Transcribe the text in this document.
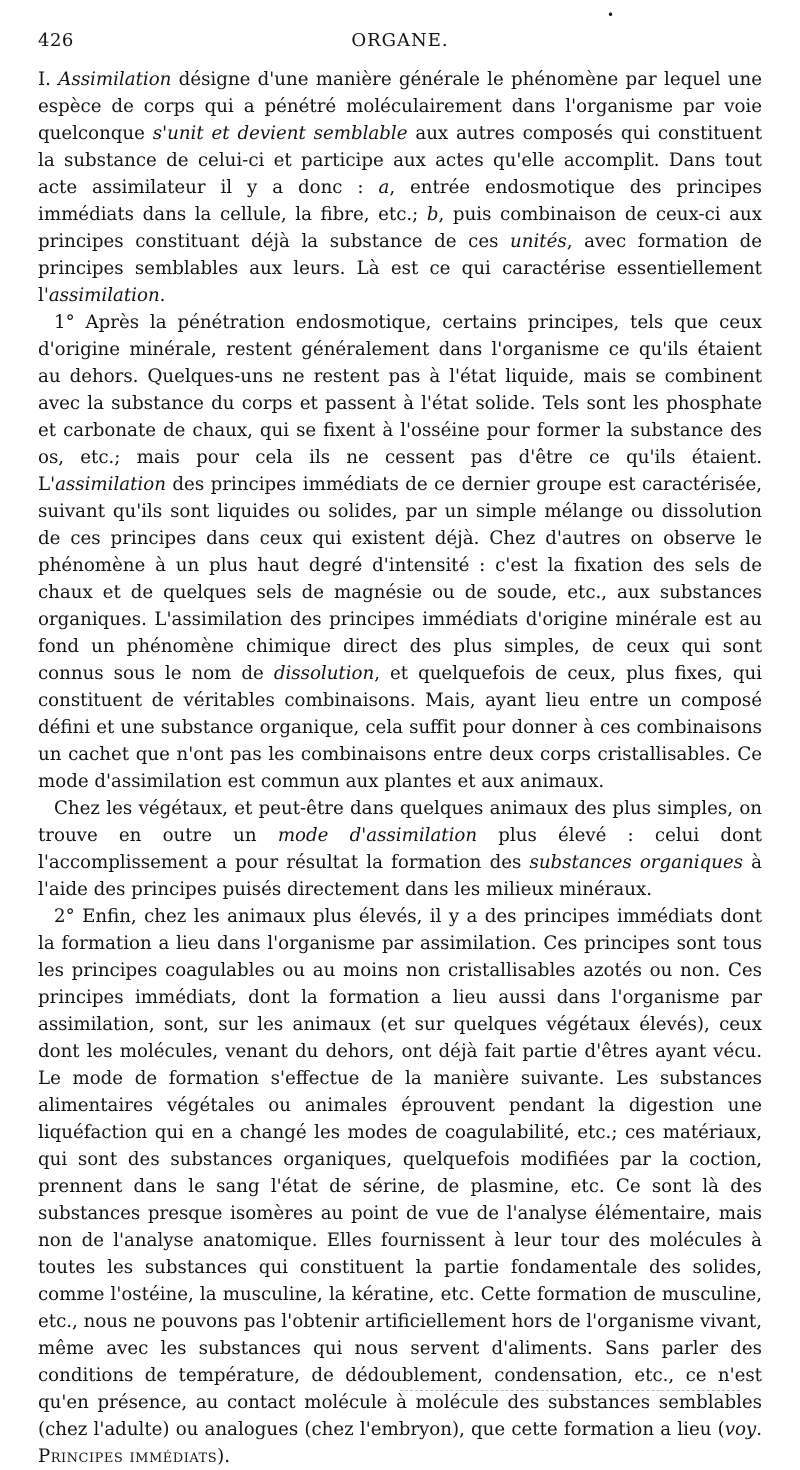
426	ORGANE.
•

I. Assimilation désigne d'une manière générale le phénomène par lequel une espèce de corps qui a pénétré moléculairement dans l'organisme par voie quelconque s'unit et devient semblable aux autres composés qui constituent la substance de celui-ci et participe aux actes qu'elle accomplit. Dans tout acte assimilateur il y a donc : a, entrée endosmotique des principes immédiats dans la cellule, la fibre, etc.; b, puis combinaison de ceux-ci aux principes constituant déjà la substance de ces unités, avec formation de principes semblables aux leurs. Là est ce qui caractérise essentiellement l'assimilation.

1° Après la pénétration endosmotique, certains principes, tels que ceux d'origine minérale, restent généralement dans l'organisme ce qu'ils étaient au dehors. Quelques-uns ne restent pas à l'état liquide, mais se combinent avec la substance du corps et passent à l'état solide. Tels sont les phosphate et carbonate de chaux, qui se fixent à l'osséine pour former la substance des os, etc.; mais pour cela ils ne cessent pas d'être ce qu'ils étaient. L'assimilation des principes immédiats de ce dernier groupe est caractérisée, suivant qu'ils sont liquides ou solides, par un simple mélange ou dissolution de ces principes dans ceux qui existent déjà. Chez d'autres on observe le phénomène à un plus haut degré d'intensité : c'est la fixation des sels de chaux et de quelques sels de magnésie ou de soude, etc., aux substances organiques. L'assimilation des principes immédiats d'origine minérale est au fond un phénomène chimique direct des plus simples, de ceux qui sont connus sous le nom de dissolution, et quelquefois de ceux, plus fixes, qui constituent de véritables combinaisons. Mais, ayant lieu entre un composé défini et une substance organique, cela suffit pour donner à ces combinaisons un cachet que n'ont pas les combinaisons entre deux corps cristallisables. Ce mode d'assimilation est commun aux plantes et aux animaux.

Chez les végétaux, et peut-être dans quelques animaux des plus simples, on trouve en outre un mode d'assimilation plus élevé : celui dont l'accomplissement a pour résultat la formation des substances organiques à l'aide des principes puisés directement dans les milieux minéraux.

2° Enfin, chez les animaux plus élevés, il y a des principes immédiats dont la formation a lieu dans l'organisme par assimilation. Ces principes sont tous les principes coagulables ou au moins non cristallisables azotés ou non. Ces principes immédiats, dont la formation a lieu aussi dans l'organisme par assimilation, sont, sur les animaux (et sur quelques végétaux élevés), ceux dont les molécules, venant du dehors, ont déjà fait partie d'êtres ayant vécu. Le mode de formation s'effectue de la manière suivante. Les substances alimentaires végétales ou animales éprouvent pendant la digestion une liquéfaction qui en a changé les modes de coagulabilité, etc.; ces matériaux, qui sont des substances organiques, quelquefois modifiées par la coction, prennent dans le sang l'état de sérine, de plasmine, etc. Ce sont là des substances presque isomères au point de vue de l'analyse élémentaire, mais non de l'analyse anatomique. Elles fournissent à leur tour des molécules à toutes les substances qui constituent la partie fondamentale des solides, comme l'ostéine, la musculine, la kératine, etc. Cette formation de musculine, etc., nous ne pouvons pas l'obtenir artificiellement hors de l'organisme vivant, même avec les substances qui nous servent d'aliments. Sans parler des conditions de température, de dédoublement, condensation, etc., ce n'est qu'en présence, au contact molécule à molécule des substances semblables (chez l'adulte) ou analogues (chez l'embryon), que cette formation a lieu (voy. Principes immédiats).
